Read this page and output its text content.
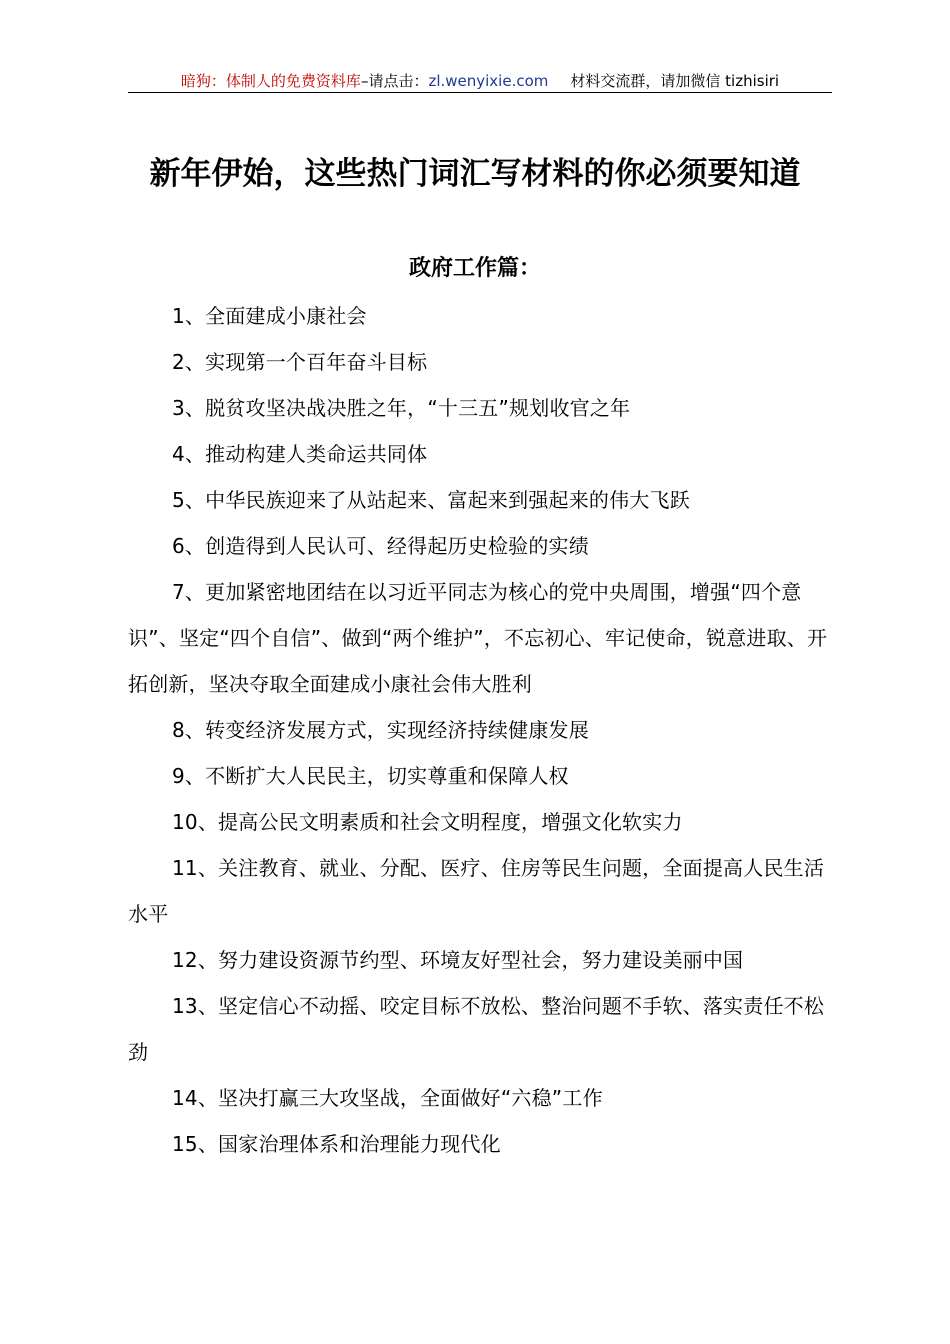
暗狗：体制人的免费资料库–请点击：zl.wenyixie.com 材料交流群，请加微信 tizhisiri
新年伊始，这些热门词汇写材料的你必须要知道
政府工作篇：
1、全面建成小康社会
2、实现第一个百年奋斗目标
3、脱贫攻坚决战决胜之年，“十三五”规划收官之年
4、推动构建人类命运共同体
5、中华民族迎来了从站起来、富起来到强起来的伟大飞跃
6、创造得到人民认可、经得起历史检验的实绩
7、更加紧密地团结在以习近平同志为核心的党中央周围，增强“四个意识”、坚定“四个自信”、做到“两个维护”，不忘初心、牢记使命，锐意进取、开拓创新，坚决夺取全面建成小康社会伟大胜利
8、转变经济发展方式，实现经济持续健康发展
9、不断扩大人民民主，切实尊重和保障人权
10、提高公民文明素质和社会文明程度，增强文化软实力
11、关注教育、就业、分配、医疗、住房等民生问题，全面提高人民生活水平
12、努力建设资源节约型、环境友好型社会，努力建设美丽中国
13、坚定信心不动摇、咬定目标不放松、整治问题不手软、落实责任不松劲
14、坚决打赢三大攻坚战，全面做好“六稳”工作
15、国家治理体系和治理能力现代化
